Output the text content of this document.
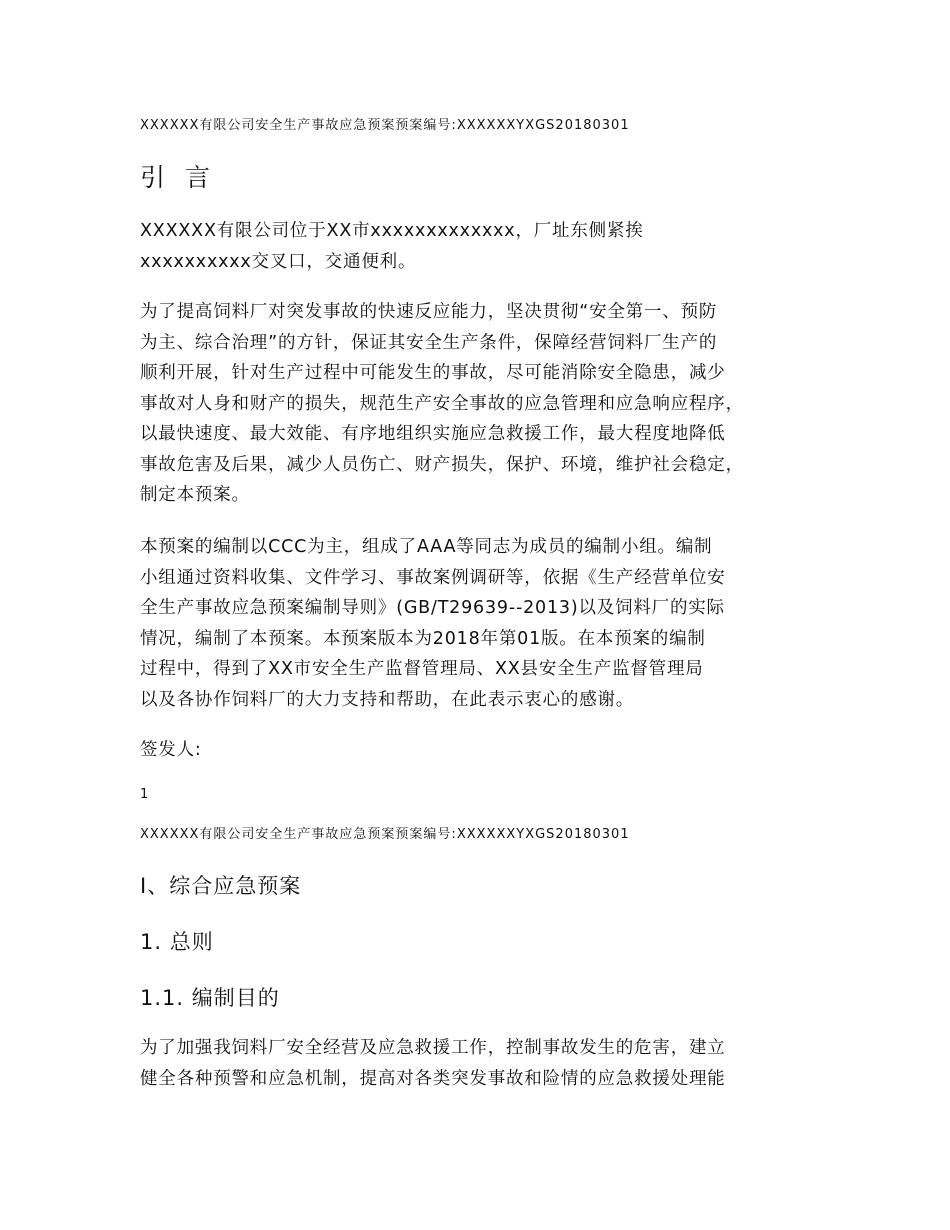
XXXXXX有限公司安全生产事故应急预案预案编号:XXXXXXYXGS20180301
引 言
XXXXXX有限公司位于XX市xxxxxxxxxxxxx，厂址东侧紧挨
xxxxxxxxxx交叉口，交通便利。
为了提高饲料厂对突发事故的快速反应能力，坚决贯彻“安全第一、预防
为主、综合治理”的方针，保证其安全生产条件，保障经营饲料厂生产的
顺利开展，针对生产过程中可能发生的事故，尽可能消除安全隐患，减少
事故对人身和财产的损失，规范生产安全事故的应急管理和应急响应程序，
以最快速度、最大效能、有序地组织实施应急救援工作，最大程度地降低
事故危害及后果，减少人员伤亡、财产损失，保护、环境，维护社会稳定，
制定本预案。
本预案的编制以CCC为主，组成了AAA等同志为成员的编制小组。编制
小组通过资料收集、文件学习、事故案例调研等，依据《生产经营单位安
全生产事故应急预案编制导则》(GB/T29639--2013)以及饲料厂的实际
情况，编制了本预案。本预案版本为2018年第01版。在本预案的编制
过程中，得到了XX市安全生产监督管理局、XX县安全生产监督管理局
以及各协作饲料厂的大力支持和帮助，在此表示衷心的感谢。
签发人:
1
XXXXXX有限公司安全生产事故应急预案预案编号:XXXXXXYXGS20180301
Ⅰ、综合应急预案
1. 总则
1.1. 编制目的
为了加强我饲料厂安全经营及应急救援工作，控制事故发生的危害，建立
健全各种预警和应急机制，提高对各类突发事故和险情的应急救援处理能
